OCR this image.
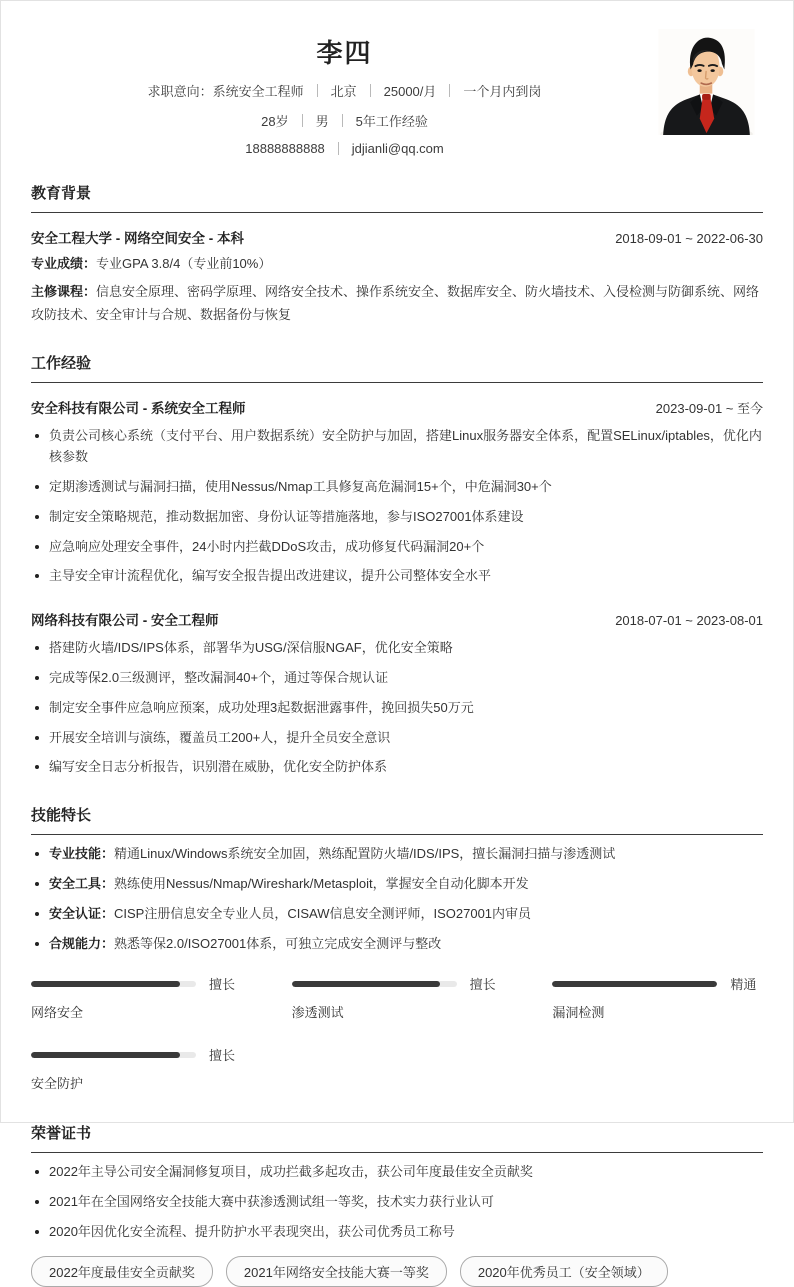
李四
求职意向：系统安全工程师 北京 25000/月 一个月内到岗
28岁 男 5年工作经验
18888888888 jdjianli@qq.com
教育背景
安全工程大学 - 网络空间安全 - 本科	2018-09-01 ~ 2022-06-30
专业成绩：专业GPA 3.8/4（专业前10%）
主修课程：信息安全原理、密码学原理、网络安全技术、操作系统安全、数据库安全、防火墙技术、入侵检测与防御系统、网络攻防技术、安全审计与合规、数据备份与恢复
工作经验
安全科技有限公司 - 系统安全工程师	2023-09-01 ~ 至今
负责公司核心系统（支付平台、用户数据系统）安全防护与加固，搭建Linux服务器安全体系，配置SELinux/iptables，优化内核参数
定期渗透测试与漏洞扫描，使用Nessus/Nmap工具修复高危漏洞15+个，中危漏洞30+个
制定安全策略规范，推动数据加密、身份认证等措施落地，参与ISO27001体系建设
应急响应处理安全事件，24小时内拦截DDoS攻击，成功修复代码漏洞20+个
主导安全审计流程优化，编写安全报告提出改进建议，提升公司整体安全水平
网络科技有限公司 - 安全工程师	2018-07-01 ~ 2023-08-01
搭建防火墙/IDS/IPS体系，部署华为USG/深信服NGAF，优化安全策略
完成等保2.0三级测评，整改漏洞40+个，通过等保合规认证
制定安全事件应急响应预案，成功处理3起数据泄露事件，挽回损失50万元
开展安全培训与演练，覆盖员工200+人，提升全员安全意识
编写安全日志分析报告，识别潜在威胁，优化安全防护体系
技能特长
专业技能：精通Linux/Windows系统安全加固，熟练配置防火墙/IDS/IPS，擅长漏洞扫描与渗透测试
安全工具：熟练使用Nessus/Nmap/Wireshark/Metasploit，掌握安全自动化脚本开发
安全认证：CISP注册信息安全专业人员，CISAW信息安全测评师，ISO27001内审员
合规能力：熟悉等保2.0/ISO27001体系，可独立完成安全测评与整改
擅长
网络安全
擅长
渗透测试
精通
漏洞检测
擅长
安全防护
荣誉证书
2022年主导公司安全漏洞修复项目，成功拦截多起攻击，获公司年度最佳安全贡献奖
2021年在全国网络安全技能大赛中获渗透测试组一等奖，技术实力获行业认可
2020年因优化安全流程、提升防护水平表现突出，获公司优秀员工称号
2022年度最佳安全贡献奖	2021年网络安全技能大赛一等奖	2020年优秀员工（安全领域）
